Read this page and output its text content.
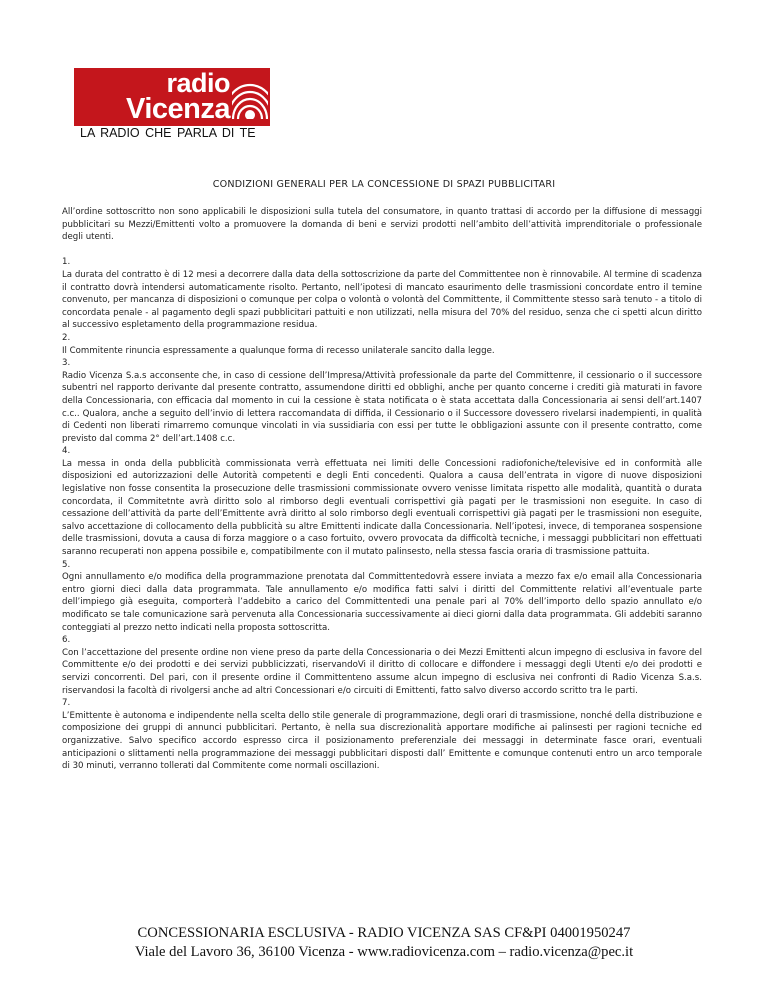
radio
Vicenza
LA RADIO CHE PARLA DI TE
CONDIZIONI GENERALI PER LA CONCESSIONE DI SPAZI PUBBLICITARI

All’ordine sottoscritto non sono applicabili le disposizioni sulla tutela del consumatore, in quanto trattasi di accordo per la diffusione di messaggi pubblicitari su Mezzi/Emittenti volto a promuovere la domanda di beni e servizi prodotti nell’ambito dell’attività imprenditoriale o professionale degli utenti.

1.

La durata del contratto è di 12 mesi a decorrere dalla data della sottoscrizione da parte del Committentee non è rinnovabile. Al termine di scadenza il contratto dovrà intendersi automaticamente risolto. Pertanto, nell’ipotesi di mancato esaurimento delle trasmissioni concordate entro il temine convenuto, per mancanza di disposizioni o comunque per colpa o volontà o volontà del Committente, il Committente stesso sarà tenuto - a titolo di concordata penale - al pagamento degli spazi pubblicitari pattuiti e non utilizzati, nella misura del 70% del residuo, senza che ci spetti alcun diritto al successivo espletamento della programmazione residua.

2.

Il Commitente rinuncia espressamente a qualunque forma di recesso unilaterale sancito dalla legge.

3.

Radio Vicenza S.a.s acconsente che, in caso di cessione dell’Impresa/Attività professionale da parte del Committenre, il cessionario o il successore subentri nel rapporto derivante dal presente contratto, assumendone diritti ed obblighi, anche per quanto concerne i crediti già maturati in favore della Concessionaria, con efficacia dal momento in cui la cessione è stata notificata o è stata accettata dalla Concessionaria ai sensi dell’art.1407 c.c.. Qualora, anche a seguito dell’invio di lettera raccomandata di diffida, il Cessionario o il Successore dovessero rivelarsi inadempienti, in qualità di Cedenti non liberati rimarremo comunque vincolati in via sussidiaria con essi per tutte le obbligazioni assunte con il presente contratto, come previsto dal comma 2° dell’art.1408 c.c.

4.

La messa in onda della pubblicità commissionata verrà effettuata nei limiti delle Concessioni radiofoniche/televisive ed in conformità alle disposizioni ed autorizzazioni delle Autorità competenti e degli Enti concedenti. Qualora a causa dell’entrata in vigore di nuove disposizioni legislative non fosse consentita la prosecuzione delle trasmissioni commissionate ovvero venisse limitata rispetto alle modalità, quantità o durata concordata, il Commitetnte avrà diritto solo al rimborso degli eventuali corrispettivi già pagati per le trasmissioni non eseguite. In caso di cessazione dell’attività da parte dell’Emittente avrà diritto al solo rimborso degli eventuali corrispettivi già pagati per le trasmissioni non eseguite, salvo accettazione di collocamento della pubblicità su altre Emittenti indicate dalla Concessionaria. Nell’ipotesi, invece, di temporanea sospensione delle trasmissioni, dovuta a causa di forza maggiore o a caso fortuito, ovvero provocata da difficoltà tecniche, i messaggi pubblicitari non effettuati saranno recuperati non appena possibile e, compatibilmente con il mutato palinsesto, nella stessa fascia oraria di trasmissione pattuita.

5.

Ogni annullamento e/o modifica della programmazione prenotata dal Committentedovrà essere inviata a mezzo fax e/o email alla Concessionaria entro giorni dieci dalla data programmata. Tale annullamento e/o modifica fatti salvi i diritti del Committente relativi all’eventuale parte dell’impiego già eseguita, comporterà l’addebito a carico del Committentedi una penale pari al 70% dell’importo dello spazio annullato e/o modificato se tale comunicazione sarà pervenuta alla Concessionaria successivamente ai dieci giorni dalla data programmata. Gli addebiti saranno conteggiati al prezzo netto indicati nella proposta sottoscritta.

6.

Con l’accettazione del presente ordine non viene preso da parte della Concessionaria o dei Mezzi Emittenti alcun impegno di esclusiva in favore del Committente e/o dei prodotti e dei servizi pubblicizzati, riservandoVi il diritto di collocare e diffondere i messaggi degli Utenti e/o dei prodotti e servizi concorrenti. Del pari, con il presente ordine il Committenteno assume alcun impegno di esclusiva nei confronti di Radio Vicenza S.a.s. riservandosi la facoltà di rivolgersi anche ad altri Concessionari e/o circuiti di Emittenti, fatto salvo diverso accordo scritto tra le parti.

7.

L’Emittente è autonoma e indipendente nella scelta dello stile generale di programmazione, degli orari di trasmissione, nonché della distribuzione e composizione dei gruppi di annunci pubblicitari. Pertanto, è nella sua discrezionalità apportare modifiche ai palinsesti per ragioni tecniche ed organizzative. Salvo specifico accordo espresso circa il posizionamento preferenziale dei messaggi in determinate fasce orari, eventuali anticipazioni o slittamenti nella programmazione dei messaggi pubblicitari disposti dall’ Emittente e comunque contenuti entro un arco temporale di 30 minuti, verranno tollerati dal Commitente come normali oscillazioni.

CONCESSIONARIA ESCLUSIVA - RADIO VICENZA SAS CF&PI 04001950247
Viale del Lavoro 36, 36100 Vicenza - www.radiovicenza.com – radio.vicenza@pec.it
